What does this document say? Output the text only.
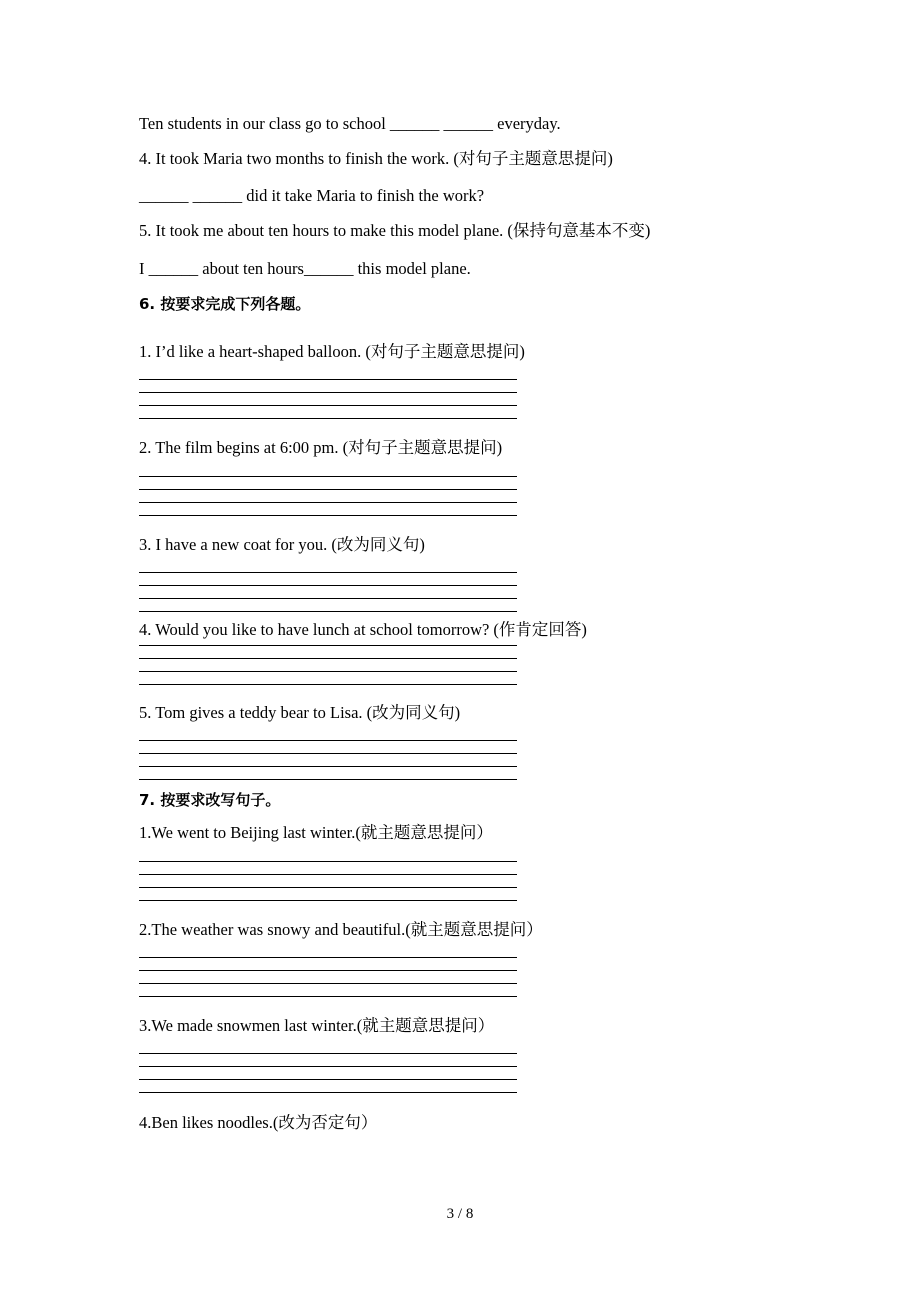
Ten students in our class go to school ______ ______ everyday.
4. It took Maria two months to finish the work. (对句子主题意思提问)
______ ______ did it take Maria to finish the work?
5. It took me about ten hours to make this model plane. (保持句意基本不变)
I ______ about ten hours______ this model plane.
6. 按要求完成下列各题。
1. I’d like a heart-shaped balloon. (对句子主题意思提问)
2. The film begins at 6:00 pm. (对句子主题意思提问)
3. I have a new coat for you. (改为同义句)
4. Would you like to have lunch at school tomorrow? (作肯定回答)
5. Tom gives a teddy bear to Lisa. (改为同义句)
7. 按要求改写句子。
1.We went to Beijing last winter.(就主题意思提问）
2.The weather was snowy and beautiful.(就主题意思提问）
3.We made snowmen last winter.(就主题意思提问）
4.Ben likes noodles.(改为否定句）
3 / 8
